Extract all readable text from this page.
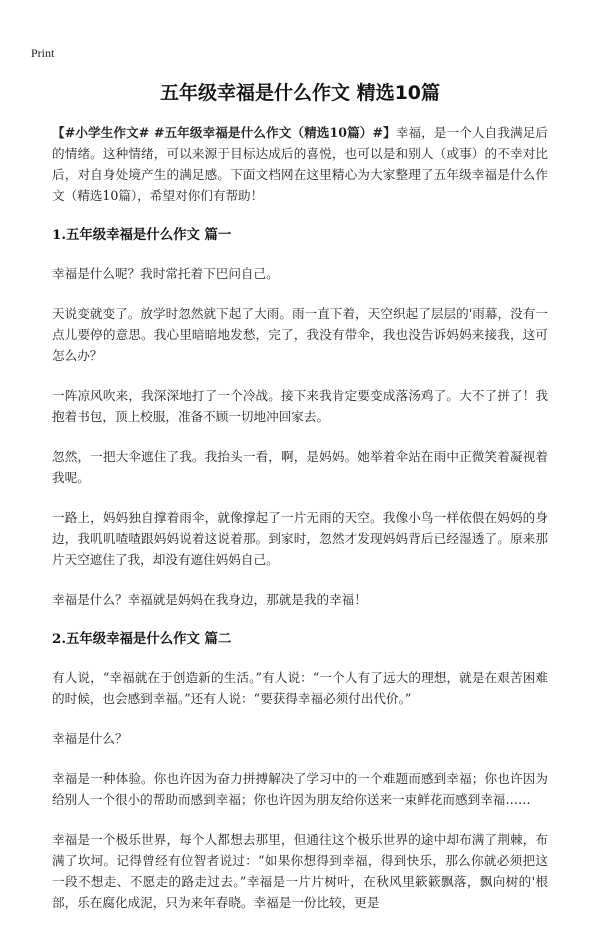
Print
五年级幸福是什么作文 精选10篇

【#小学生作文# #五年级幸福是什么作文（精选10篇）#】幸福，是一个人自我满足后的情绪。这种情绪，可以来源于目标达成后的喜悦，也可以是和别人（或事）的不幸对比后，对自身处境产生的满足感。下面文档网在这里精心为大家整理了五年级幸福是什么作文（精选10篇），希望对你们有帮助！

1.五年级幸福是什么作文 篇一

幸福是什么呢？我时常托着下巴问自己。

天说变就变了。放学时忽然就下起了大雨。雨一直下着，天空织起了层层的'雨幕，没有一点儿要停的意思。我心里暗暗地发愁，完了，我没有带伞，我也没告诉妈妈来接我，这可怎么办？

一阵凉风吹来，我深深地打了一个冷战。接下来我肯定要变成落汤鸡了。大不了拼了！我抱着书包，顶上校服，准备不顾一切地冲回家去。

忽然，一把大伞遮住了我。我抬头一看，啊，是妈妈。她举着伞站在雨中正微笑着凝视着我呢。

一路上，妈妈独自撑着雨伞，就像撑起了一片无雨的天空。我像小鸟一样依偎在妈妈的身边，我叽叽喳喳跟妈妈说着这说着那。到家时，忽然才发现妈妈背后已经湿透了。原来那片天空遮住了我，却没有遮住妈妈自己。

幸福是什么？幸福就是妈妈在我身边，那就是我的幸福！

2.五年级幸福是什么作文 篇二

有人说，“幸福就在于创造新的生活。”有人说：“一个人有了远大的理想，就是在艰苦困难的时候，也会感到幸福。”还有人说：“要获得幸福必须付出代价。”

幸福是什么？

幸福是一种体验。你也许因为奋力拼搏解决了学习中的一个难题而感到幸福；你也许因为给别人一个很小的帮助而感到幸福；你也许因为朋友给你送来一束鲜花而感到幸福……

幸福是一个极乐世界，每个人都想去那里，但通往这个极乐世界的途中却布满了荆棘，布满了坎坷。记得曾经有位智者说过：“如果你想得到幸福，得到快乐，那么你就必须把这一段不想走、不愿走的路走过去。”幸福是一片片树叶，在秋风里簌簌飘落，飘向树的'根部，乐在腐化成泥，只为来年春晓。幸福是一份比较，更是
